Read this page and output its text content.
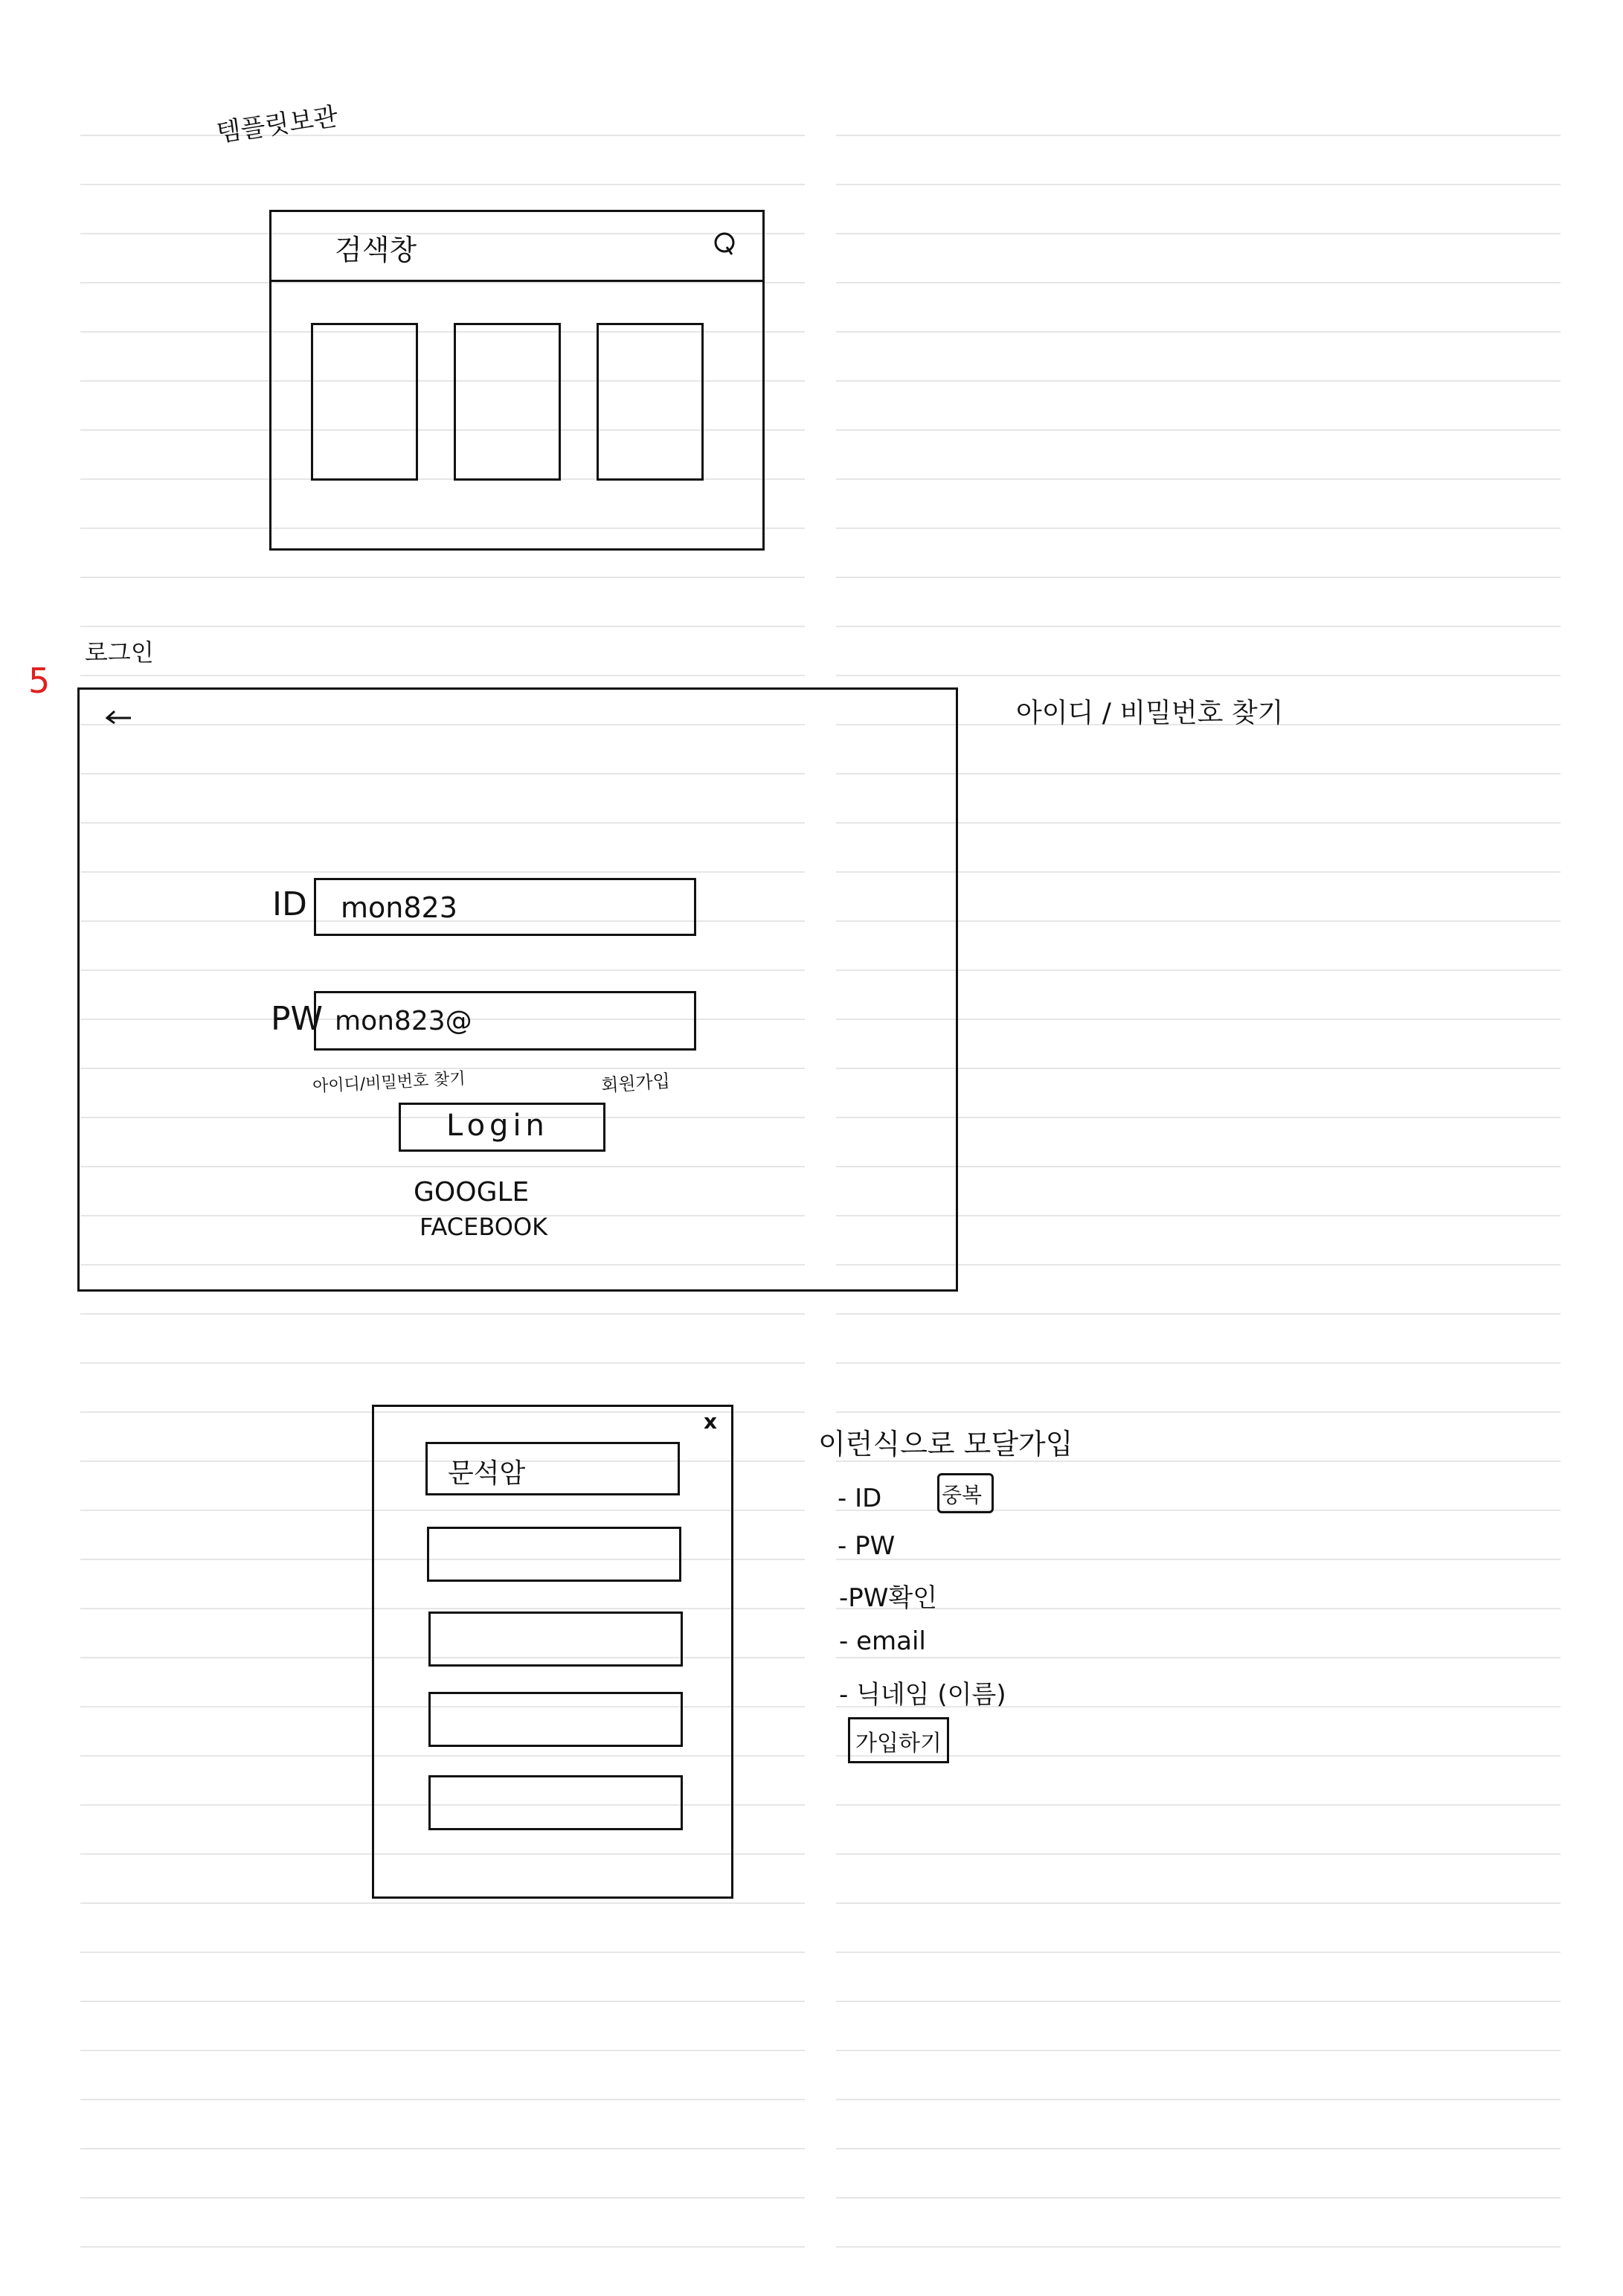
템플릿보관
검색창
5
로그인
ID mon823
PW mon823@
아이디/비밀번호 찾기	회원가입
Login
GOOGLE
FACEBOOK
아이디 / 비밀번호 찾기
x
문석암
이런식으로 모달가입
- ID	중복
- PW
-PW확인
- email
- 닉네임 (이름)
가입하기
